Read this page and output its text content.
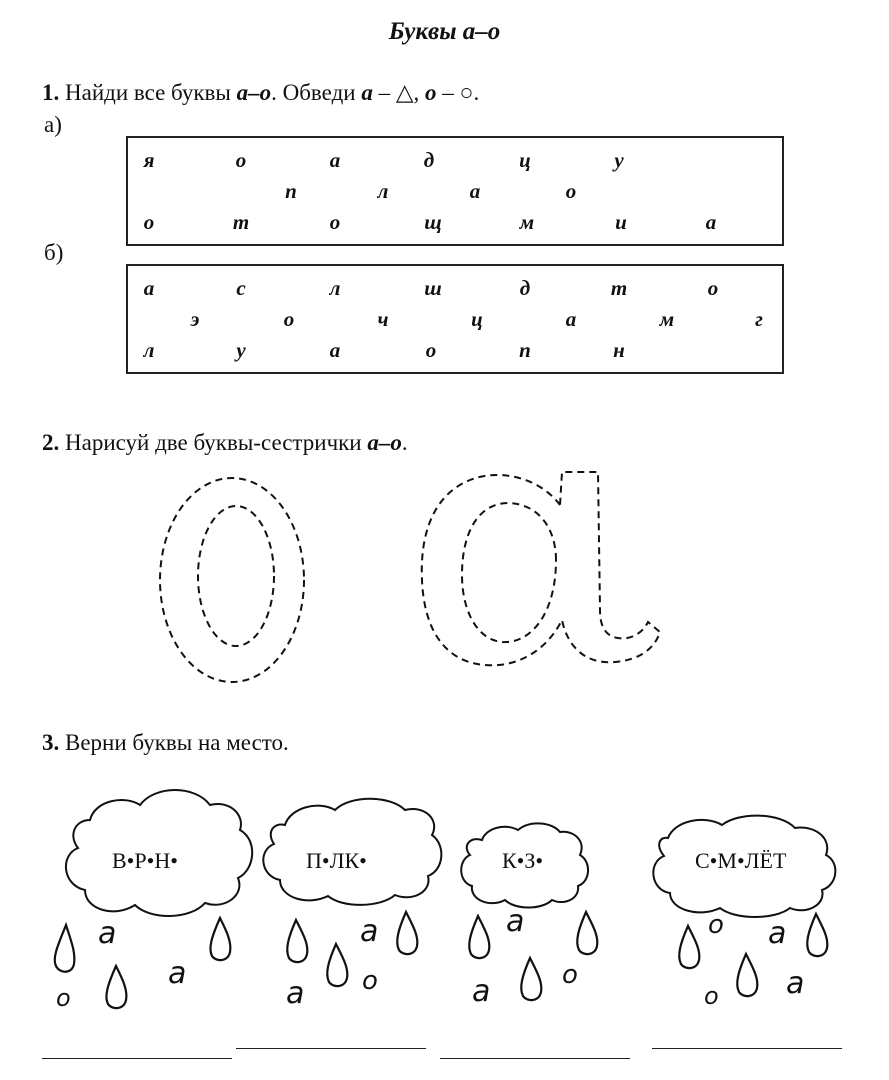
Буквы а–о
1. Найди все буквы а–о. Обведи а – △, о – ○.
а)
б)
я	о	а	д	ц	у
п	л	а	о
о	т	о	щ	м	и	а
а	с	л	ш	д	т	о
э	о	ч	ц	а	м	г
л	у	а	о	п	н
2. Нарисуй две буквы-сестрички а–о.
3. Верни буквы на место.
В•Р•Н•	П•ЛК•	К•З•	С•М•ЛЁТ
а
а
о
а
о
а
а
а	о
о а
о а
